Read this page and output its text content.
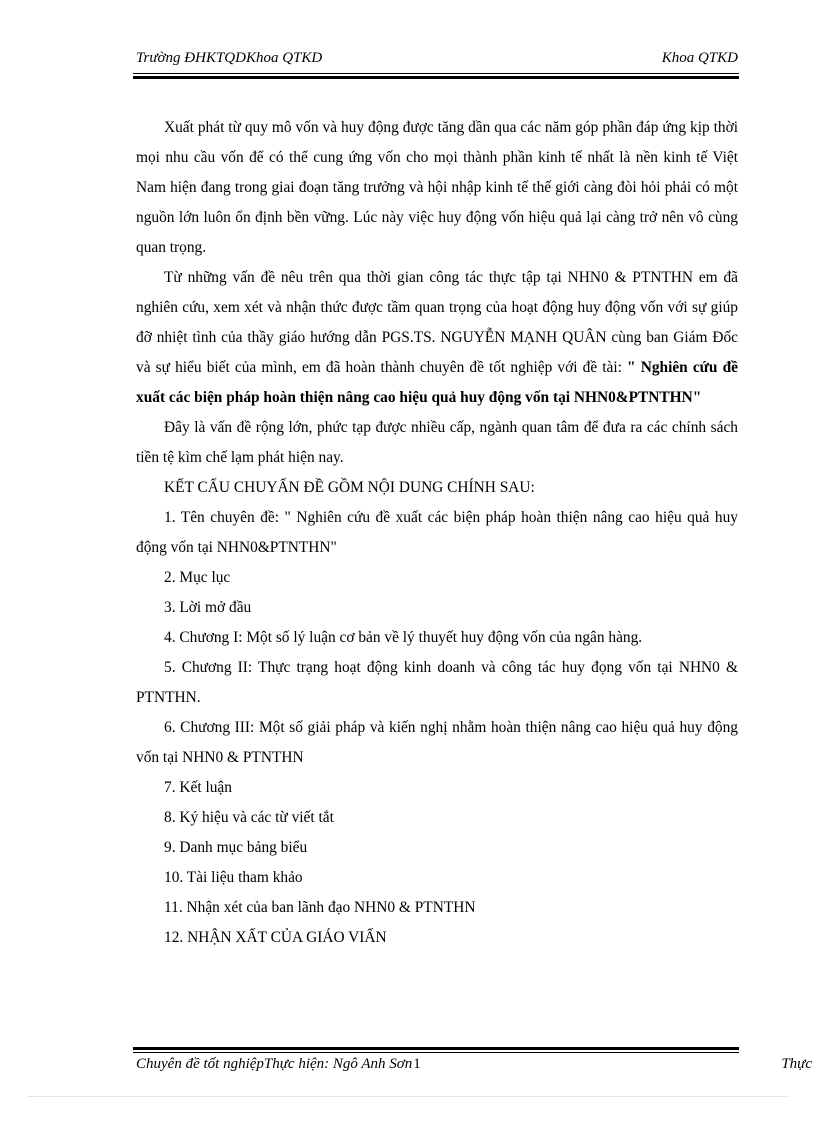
Trường ĐHKTQDKhoa QTKD	Khoa QTKD

Xuất phát từ quy mô vốn và huy động được tăng dần qua các năm góp phần đáp ứng kịp thời mọi nhu cầu vốn để có thể cung ứng vốn cho mọi thành phần kinh tế nhất là nền kinh tế Việt Nam hiện đang trong giai đoạn tăng trưởng và hội nhập kinh tế thế giới càng đòi hỏi phải có một nguồn lớn luôn ổn định bền vững. Lúc này việc huy động vốn hiệu quả lại càng trở nên vô cùng quan trọng.

Từ những vấn đề nêu trên qua thời gian công tác thực tập tại NHN0 & PTNTHN em đã nghiên cứu, xem xét và nhận thức được tầm quan trọng của hoạt động huy động vốn với sự giúp đỡ nhiệt tình của thầy giáo hướng dẫn PGS.TS. NGUYỄN MẠNH QUÂN cùng ban Giám Đốc và sự hiểu biết của mình, em đã hoàn thành chuyên đề tốt nghiệp với đề tài: " Nghiên cứu đề xuất các biện pháp hoàn thiện nâng cao hiệu quả huy động vốn tại NHN0&PTNTHN"

Đây là vấn đề rộng lớn, phức tạp được nhiều cấp, ngành quan tâm để đưa ra các chính sách tiền tệ kìm chế lạm phát hiện nay.

KẾT CẤU CHUYẤN ĐỀ GỒM NỘI DUNG CHÍNH SAU:

1. Tên chuyên đề: " Nghiên cứu đề xuất các biện pháp hoàn thiện nâng cao hiệu quả huy động vốn tại NHN0&PTNTHN"

2. Mục lục

3. Lời mở đầu

4. Chương I: Một số lý luận cơ bản về lý thuyết huy động vốn của ngân hàng.

5. Chương II: Thực trạng hoạt động kinh doanh và công tác huy đọng vốn tại NHN0 & PTNTHN.

6. Chương III: Một số giải pháp và kiến nghị nhằm hoàn thiện nâng cao hiệu quả huy động vốn tại NHN0 & PTNTHN

7. Kết luận

8. Ký hiệu và các từ viết tắt

9. Danh mục bảng biểu

10. Tài liệu tham khảo

11. Nhận xét của ban lãnh đạo NHN0 & PTNTHN

12. NHẬN XẤT CỦA GIÁO VIẤN

Chuyên đề tốt nghiệpThực hiện: Ngô Anh Sơn1	Thực
